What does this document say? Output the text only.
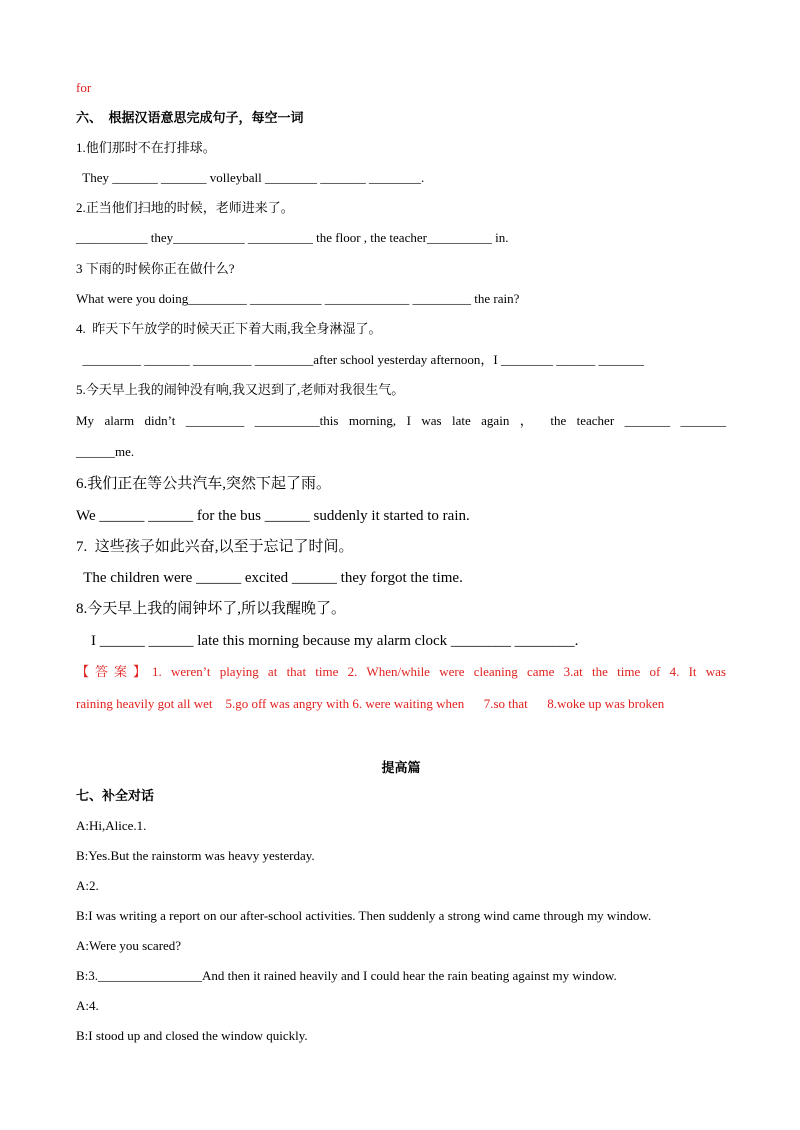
for

六、  根据汉语意思完成句子，每空一词

1.他们那时不在打排球。

They _______ _______ volleyball ________ _______ ________.

2.正当他们扫地的时候，老师进来了。

___________ they___________ __________ the floor , the teacher__________ in.

3 下雨的时候你正在做什么?

What were you doing_________ ___________ _____________ _________ the rain?

4.  昨天下午放学的时候天正下着大雨,我全身淋湿了。

_________ _______ _________ _________after school yesterday afternoon，I ________ ______ _______

5.今天早上我的闹钟没有响,我又迟到了,老师对我很生气。

My alarm didn’t _________ __________this morning, I was late again ， the teacher _______ _______

______me.

6.我们正在等公共汽车,突然下起了雨。

We ______ ______ for the bus ______ suddenly it started to rain.

7.  这些孩子如此兴奋,以至于忘记了时间。

The children were ______ excited ______ they forgot the time.

8.今天早上我的闹钟坏了,所以我醒晚了。

I ______ ______ late this morning because my alarm clock ________ ________.

【答案】1. weren’t playing at that time 2. When/while were cleaning came 3.at the time of 4. It was

raining heavily got all wet    5.go off was angry with 6. were waiting when      7.so that      8.woke up was broken

提高篇

七、补全对话

A:Hi,Alice.1.

B:Yes.But the rainstorm was heavy yesterday.

A:2.

B:I was writing a report on our after-school activities. Then suddenly a strong wind came through my window.

A:Were you scared?

B:3.________________And then it rained heavily and I could hear the rain beating against my window.

A:4.

B:I stood up and closed the window quickly.
